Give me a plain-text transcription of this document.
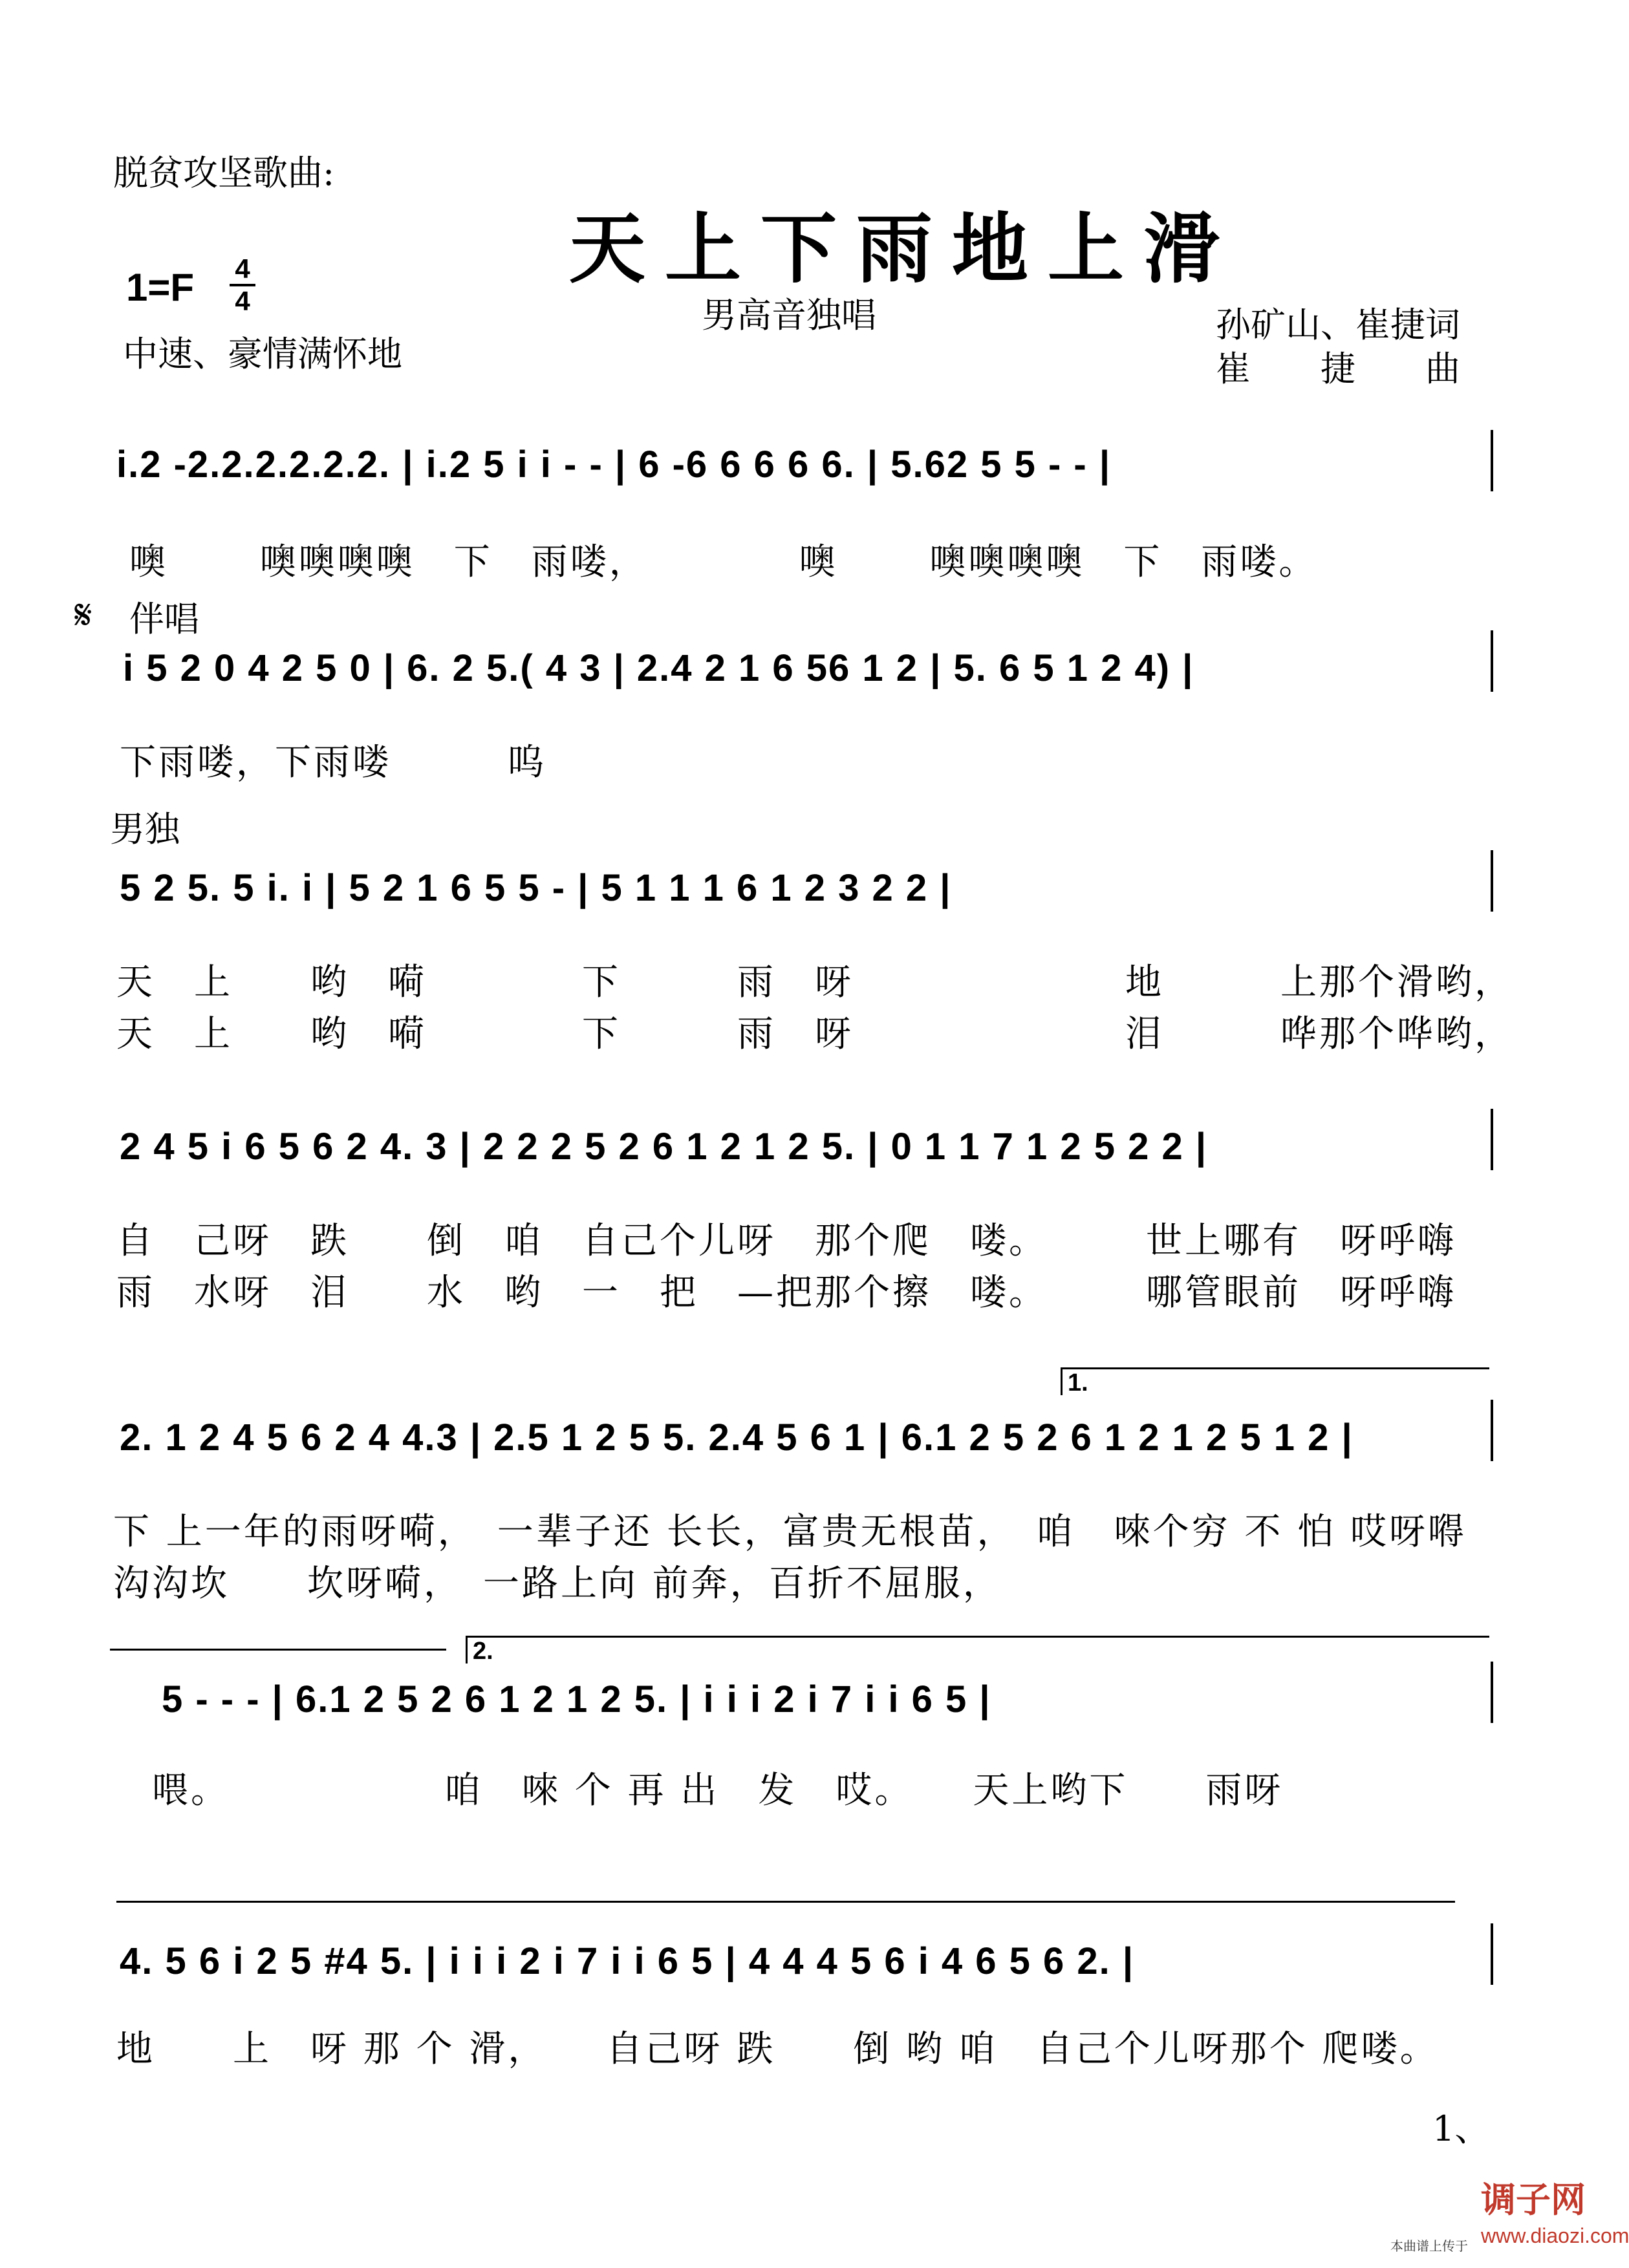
脱贫攻坚歌曲:
天上下雨地上滑
1=F 4
4
中速、豪情满怀地
男高音独唱	孙矿山、崔捷词
崔　　捷　　曲
i.2 -2.2.2.2.2.2. | i.2 5 i i - - | 6 -6 6 6 6 6. | 5.62 5 5 - - |
噢　　 噢噢噢噢　下　雨喽，　　　　 噢　　 噢噢噢噢　下　雨喽。
𝄋 伴唱
i 5 2 0 4 2 5 0 | 6. 2 5.( 4 3 | 2.4 2 1 6 56 1 2 | 5. 6 5 1 2 4) |
下雨喽，下雨喽　　　呜
男独
5 2 5. 5 i. i | 5 2 1 6 5 5 - | 5 1 1 1 6 1 2 3 2 2 |
天　上　　哟　嗬　　　　下　　　雨　呀　　　　　　　地　　　上那个滑哟，
天　上　　哟　嗬　　　　下　　　雨　呀　　　　　　　泪　　　哗那个哗哟，
2 4 5 i 6 5 6 2 4. 3 | 2 2 2 5 2 6 1 2 1 2 5. | 0 1 1 7 1 2 5 2 2 |
自　己呀　跌　　倒　咱　自己个儿呀　那个爬　喽。　　　世上哪有　呀呼嗨
雨　水呀　泪　　水　哟　一　把　—把那个擦　喽。　　　哪管眼前　呀呼嗨
1.
2. 1 2 4 5 6 2 4 4.3 | 2.5 1 2 5 5. 2.4 5 6 1 | 6.1 2 5 2 6 1 2 1 2 5 1 2 |
下 上一年的雨呀嗬，　一辈子还 长长，富贵无根苗，　咱　唻个穷 不 怕 哎呀嘚
沟沟坎　　坎呀嗬，　一路上向 前奔，百折不屈服，
2.
5 - - - | 6.1 2 5 2 6 1 2 1 2 5. | i i i 2 i 7 i i 6 5 |
喂。　　　　　　咱　唻 个 再 出　发　哎。　　天上哟下　　雨呀
4. 5 6 i 2 5 #4 5. | i i i 2 i 7 i i 6 5 | 4 4 4 5 6 i 4 6 5 6 2. |
地　　上　呀 那 个 滑，　　自己呀 跌　　倒 哟 咱　自己个儿呀那个 爬喽。
1、
调子网
本曲谱上传于 www.diaozi.com
